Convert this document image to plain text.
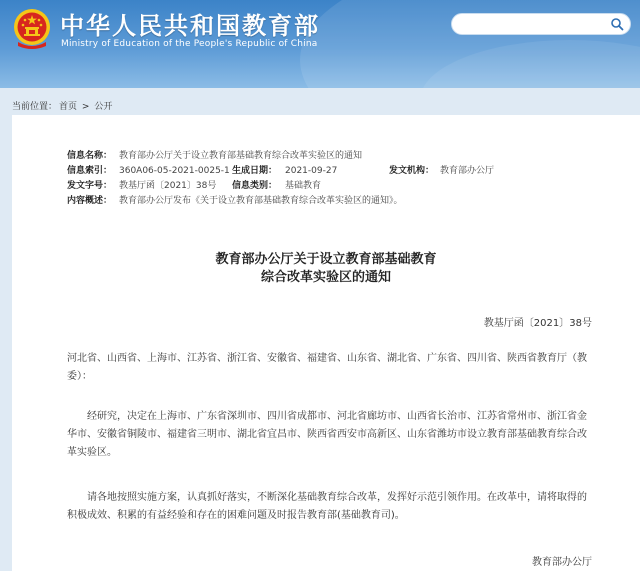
中华人民共和国教育部
Ministry of Education of the People's Republic of China
当前位置： 首页 > 公开
信息名称： 教育部办公厅关于设立教育部基础教育综合改革实验区的通知
信息索引： 360A06-05-2021-0025-1 生成日期： 2021-09-27	发文机构： 教育部办公厅
发文字号： 教基厅函〔2021〕38号 信息类别： 基础教育
内容概述： 教育部办公厅发布《关于设立教育部基础教育综合改革实验区的通知》。
教育部办公厅关于设立教育部基础教育
综合改革实验区的通知
教基厅函〔2021〕38号
河北省、山西省、上海市、江苏省、浙江省、安徽省、福建省、山东省、湖北省、广东省、四川省、陕西省教育厅（教委）：
经研究，决定在上海市、广东省深圳市、四川省成都市、河北省廊坊市、山西省长治市、江苏省常州市、浙江省金华市、安徽省铜陵市、福建省三明市、湖北省宜昌市、陕西省西安市高新区、山东省潍坊市设立教育部基础教育综合改革实验区。
请各地按照实施方案，认真抓好落实，不断深化基础教育综合改革，发挥好示范引领作用。在改革中，请将取得的积极成效、积累的有益经验和存在的困难问题及时报告教育部(基础教育司)。
教育部办公厅
